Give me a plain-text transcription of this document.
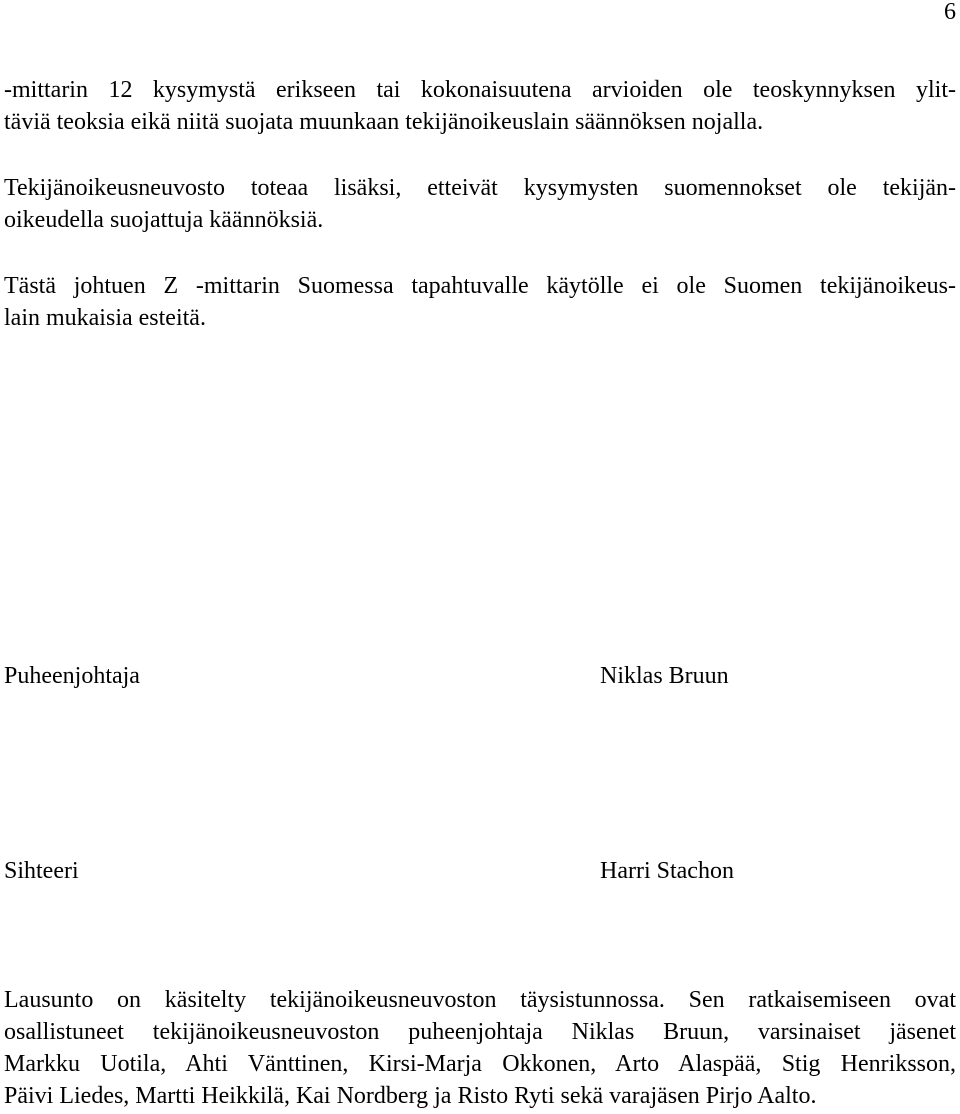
6
-mittarin 12 kysymystä erikseen tai kokonaisuutena arvioiden ole teoskynnyksen ylit-
täviä teoksia eikä niitä suojata muunkaan tekijänoikeuslain säännöksen nojalla.
Tekijänoikeusneuvosto toteaa lisäksi, etteivät kysymysten suomennokset ole tekijän-
oikeudella suojattuja käännöksiä.
Tästä johtuen Z -mittarin Suomessa tapahtuvalle käytölle ei ole Suomen tekijänoikeus-
lain mukaisia esteitä.
Puheenjohtaja	Niklas Bruun
Sihteeri	Harri Stachon
Lausunto on käsitelty tekijänoikeusneuvoston täysistunnossa. Sen ratkaisemiseen ovat
osallistuneet tekijänoikeusneuvoston puheenjohtaja Niklas Bruun, varsinaiset jäsenet
Markku Uotila, Ahti Vänttinen, Kirsi-Marja Okkonen, Arto Alaspää, Stig Henriksson,
Päivi Liedes, Martti Heikkilä, Kai Nordberg ja Risto Ryti sekä varajäsen Pirjo Aalto.
